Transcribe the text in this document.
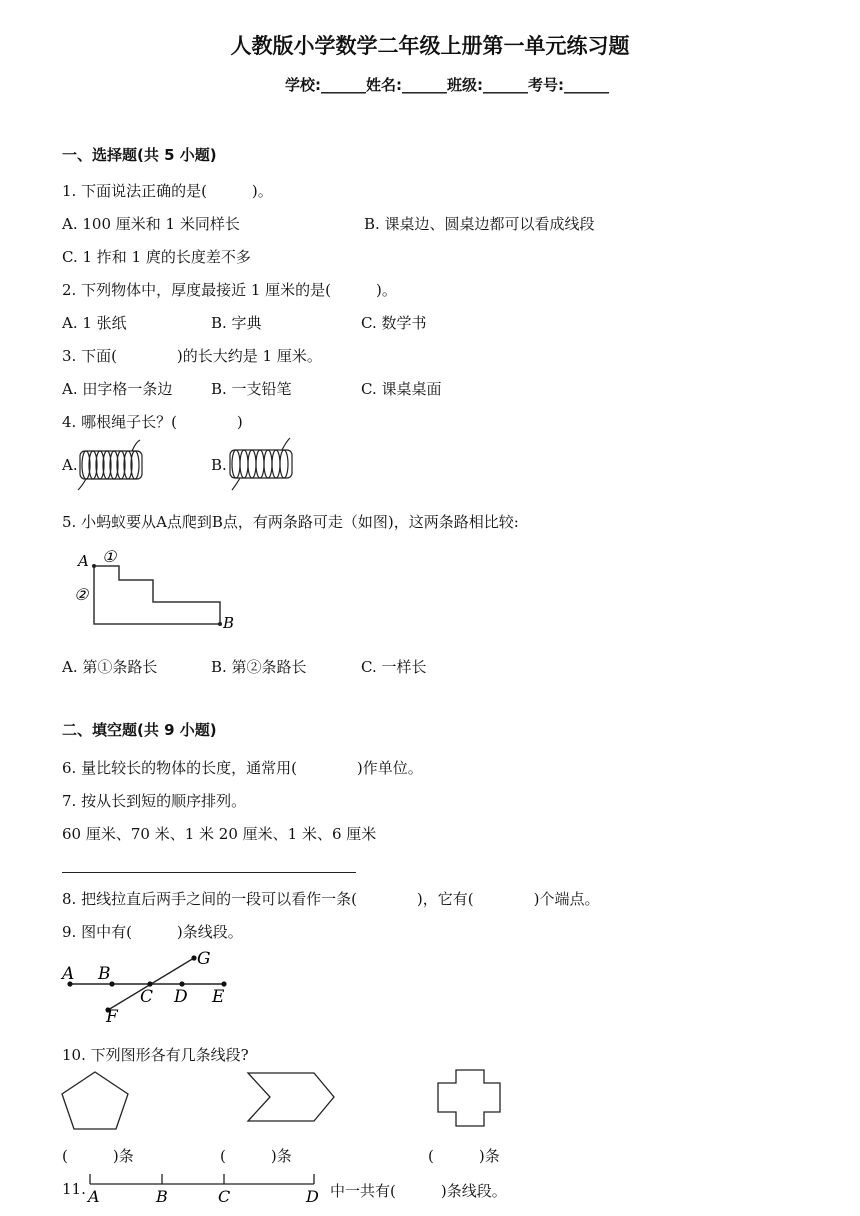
人教版小学数学二年级上册第一单元练习题
学校:______姓名:______班级:______考号:______
一、选择题(共 5 小题)
1. 下面说法正确的是(　　　)。
A. 100 厘米和 1 米同样长	B. 课桌边、圆桌边都可以看成线段
C. 1 拃和 1 庹的长度差不多
2. 下列物体中，厚度最接近 1 厘米的是(　　　)。
A. 1 张纸	B. 字典	C. 数学书
3. 下面(　　　　)的长大约是 1 厘米。
A. 田字格一条边	B. 一支铅笔	C. 课桌桌面
4. 哪根绳子长？(　　　　)
A.	B.
5. 小蚂蚁要从A点爬到B点，有两条路可走（如图)，这两条路相比较:
A
B
①
②
A. 第①条路长	B. 第②条路长	C. 一样长
二、填空题(共 9 小题)
6. 量比较长的物体的长度，通常用(　　　　)作单位。
7. 按从长到短的顺序排列。
60 厘米、70 米、1 米 20 厘米、1 米、6 厘米
8. 把线拉直后两手之间的一段可以看作一条(　　　　)，它有(　　　　)个端点。
9. 图中有(　　　)条线段。
A B
C D E
F
G
10. 下列图形各有几条线段?
(　　　)条	(　　　)条	(　　　)条
11. A	B	C	D 中一共有(　　　)条线段。
